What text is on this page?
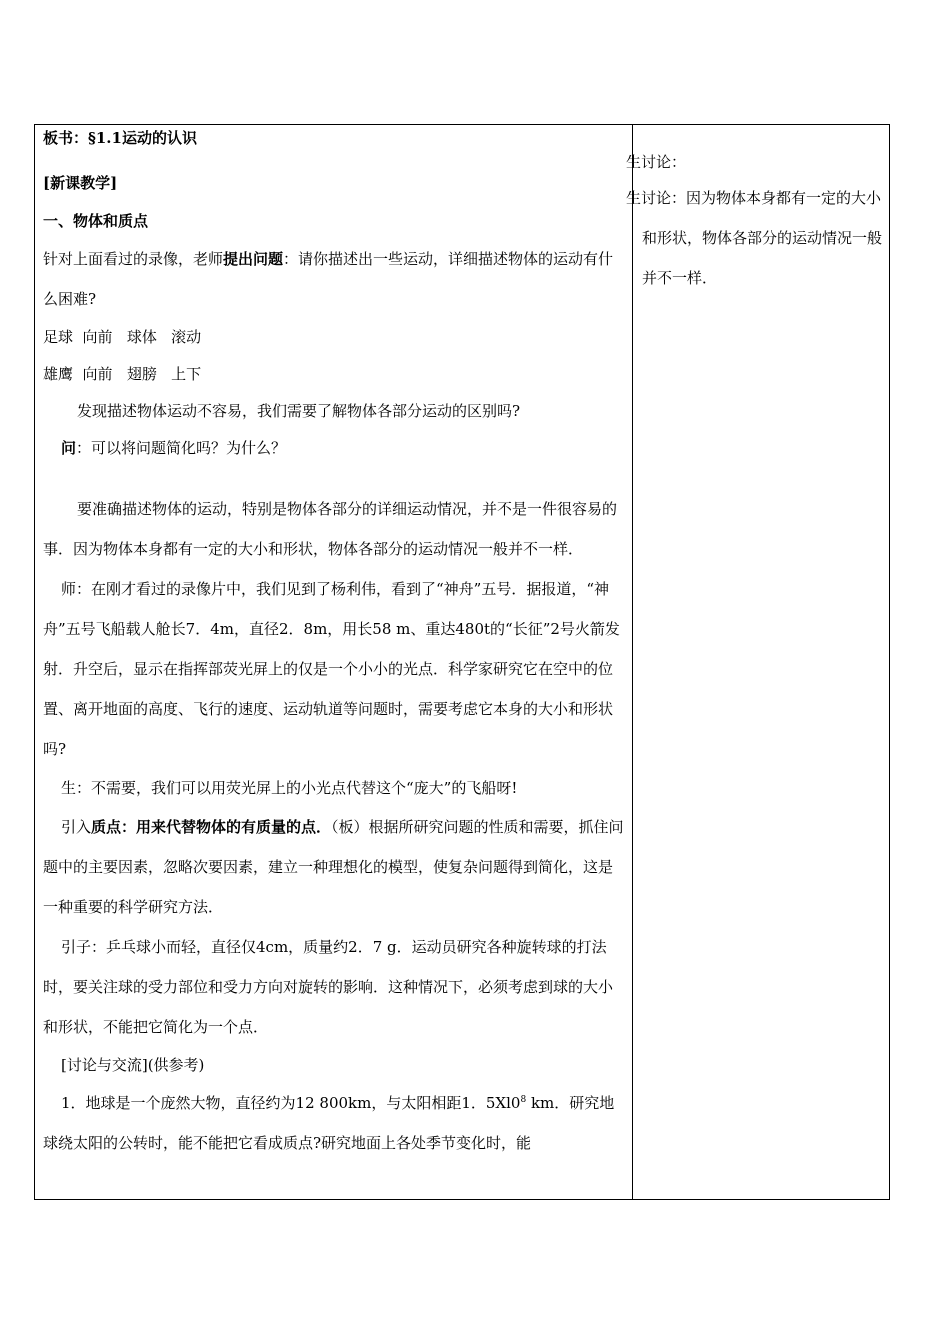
板书：§1.1运动的认识

[新课教学]

一、物体和质点

针对上面看过的录像，老师提出问题：请你描述出一些运动，详细描述物体的运动有什么困难?

足球  向前   球体   滚动

雄鹰  向前   翅膀   上下

发现描述物体运动不容易，我们需要了解物体各部分运动的区别吗?

问：可以将问题简化吗？为什么？

要准确描述物体的运动，特别是物体各部分的详细运动情况，并不是一件很容易的事．因为物体本身都有一定的大小和形状，物体各部分的运动情况一般并不一样．

师：在刚才看过的录像片中，我们见到了杨利伟，看到了“神舟”五号．据报道，“神舟”五号飞船载人舱长7．4m，直径2．8m，用长58 m、重达480t的“长征”2号火箭发射．升空后，显示在指挥部荧光屏上的仅是一个小小的光点．科学家研究它在空中的位置、离开地面的高度、飞行的速度、运动轨道等问题时，需要考虑它本身的大小和形状吗?

生：不需要，我们可以用荧光屏上的小光点代替这个“庞大”的飞船呀!

引入质点：用来代替物体的有质量的点．（板）根据所研究问题的性质和需要，抓住问题中的主要因素，忽略次要因素，建立一种理想化的模型，使复杂问题得到简化，这是一种重要的科学研究方法．

引子：乒乓球小而轻，直径仅4cm，质量约2．7 g．运动员研究各种旋转球的打法时，要关注球的受力部位和受力方向对旋转的影响．这种情况下，必须考虑到球的大小和形状，不能把它简化为一个点．

[讨论与交流](供参考)

1．地球是一个庞然大物，直径约为12 800km，与太阳相距1．$5Xl0^8$ km．研究地球绕太阳的公转时，能不能把它看成质点?研究地面上各处季节变化时，能

生讨论：

生讨论：因为物体本身都有一定的大小和形状，物体各部分的运动情况一般并不一样．
